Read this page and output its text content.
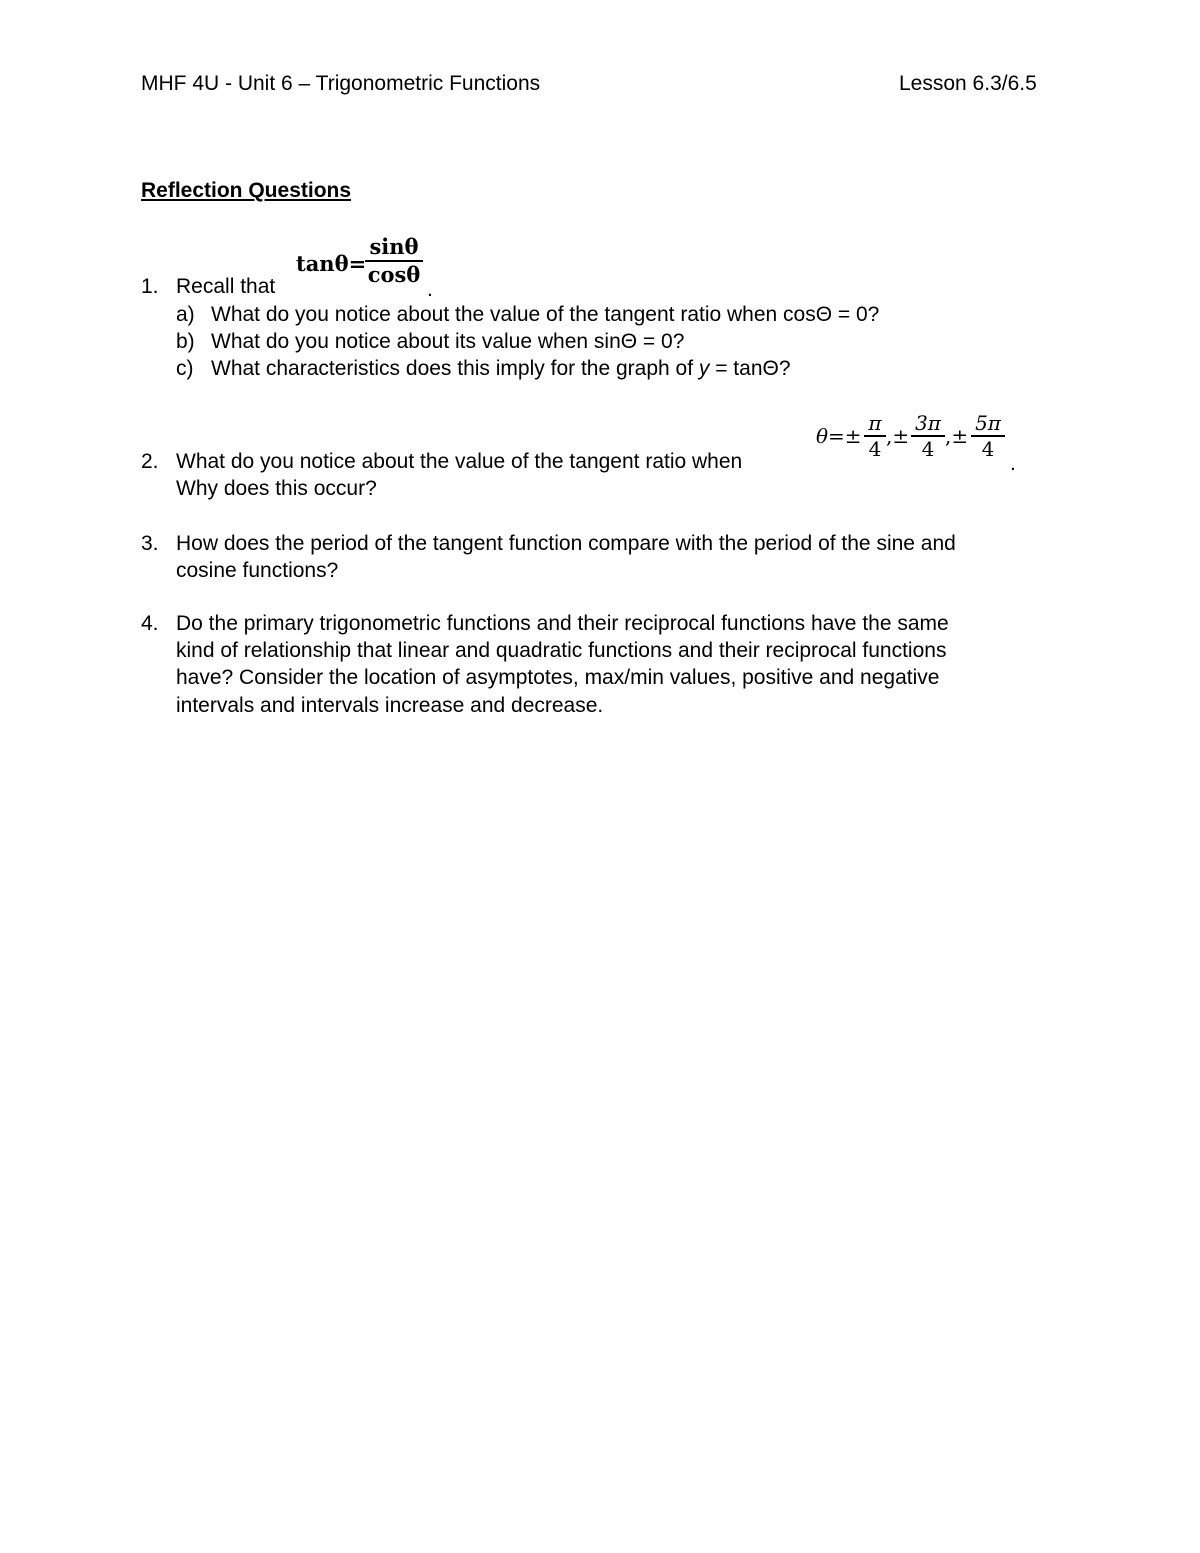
MHF 4U - Unit 6 – Trigonometric Functions	Lesson 6.3/6.5
Reflection Questions
1. Recall that
tanθ=
sinθ
cosθ
.
a) What do you notice about the value of the tangent ratio when cosΘ = 0?
b) What do you notice about its value when sinΘ = 0?
c) What characteristics does this imply for the graph of y = tanΘ?
2. What do you notice about the value of the tangent ratio when
θ=±
π
4
,±
3π
4
,±
5π
4
.
Why does this occur?
3. How does the period of the tangent function compare with the period of the sine and
cosine functions?
4. Do the primary trigonometric functions and their reciprocal functions have the same
kind of relationship that linear and quadratic functions and their reciprocal functions
have? Consider the location of asymptotes, max/min values, positive and negative
intervals and intervals increase and decrease.
